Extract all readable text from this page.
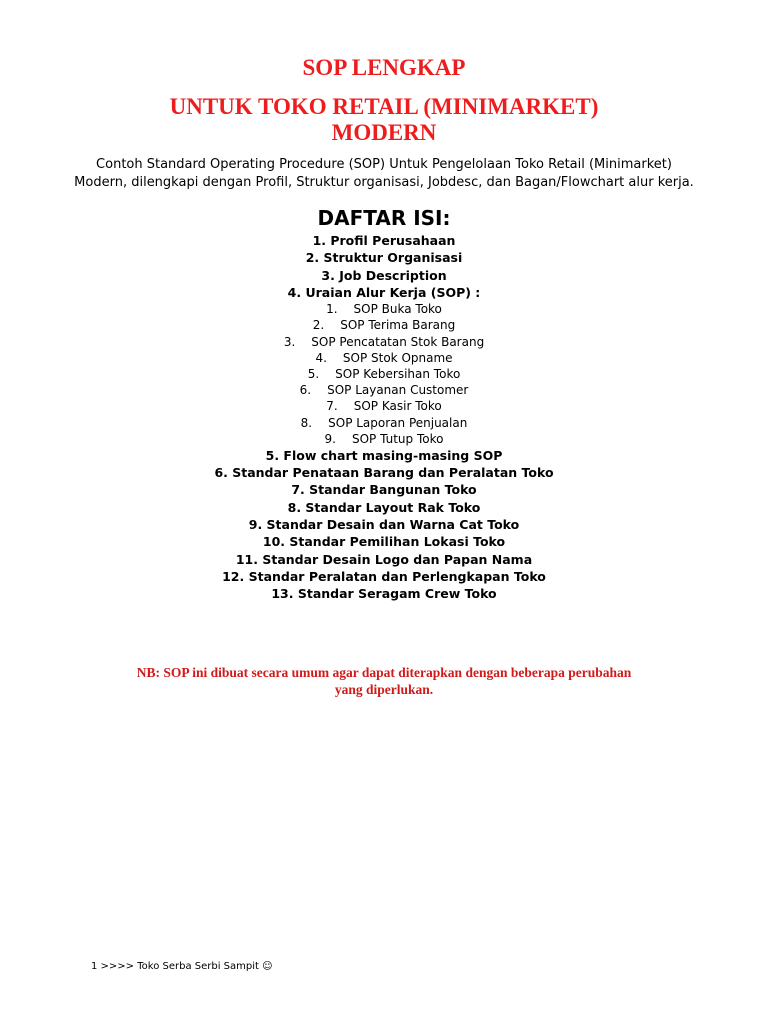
SOP LENGKAP
UNTUK TOKO RETAIL (MINIMARKET)
MODERN

Contoh Standard Operating Procedure (SOP) Untuk Pengelolaan Toko Retail (Minimarket)
Modern, dilengkapi dengan Profil, Struktur organisasi, Jobdesc, dan Bagan/Flowchart alur kerja.

DAFTAR ISI:
1. Profil Perusahaan
2. Struktur Organisasi
3. Job Description
4. Uraian Alur Kerja (SOP) :
1. SOP Buka Toko
2. SOP Terima Barang
3. SOP Pencatatan Stok Barang
4. SOP Stok Opname
5. SOP Kebersihan Toko
6. SOP Layanan Customer
7. SOP Kasir Toko
8. SOP Laporan Penjualan
9. SOP Tutup Toko
5. Flow chart masing-masing SOP
6. Standar Penataan Barang dan Peralatan Toko
7. Standar Bangunan Toko
8. Standar Layout Rak Toko
9. Standar Desain dan Warna Cat Toko
10. Standar Pemilihan Lokasi Toko
11. Standar Desain Logo dan Papan Nama
12. Standar Peralatan dan Perlengkapan Toko
13. Standar Seragam Crew Toko

NB: SOP ini dibuat secara umum agar dapat diterapkan dengan beberapa perubahan
yang diperlukan.

1 >>>> Toko Serba Serbi Sampit ☺
